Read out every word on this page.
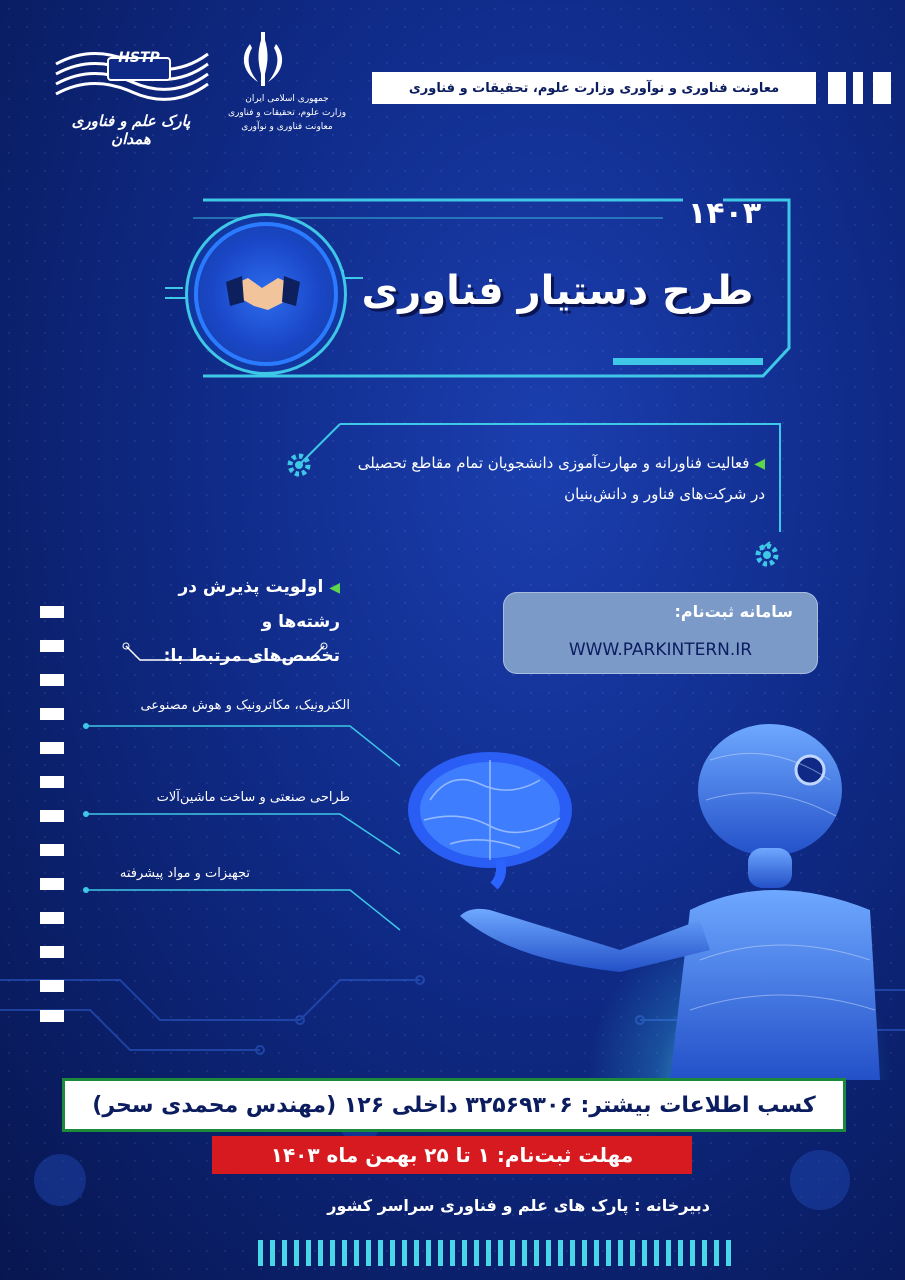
معاونت فناوری و نوآوری وزارت علوم، تحقیقات و فناوری
HSTP
پارک علم و فناوری همدان
جمهوری اسلامی ایران
وزارت علوم، تحقیقات و فناوری
معاونت فناوری و نوآوری
۱۴۰۳
طرح دستیار فناوری
◀ فعالیت فناورانه و مهارت‌آموزی دانشجویان تمام مقاطع تحصیلی
در شرکت‌های فناور و دانش‌بنیان
◀ اولویت پذیرش در رشته‌ها و
تخصص‌های مرتبط با:
الکترونیک، مکاترونیک و هوش مصنوعی
طراحی صنعتی و ساخت ماشین‌آلات
تجهیزات و مواد پیشرفته
سامانه ثبت‌نام:
WWW.PARKINTERN.IR
کسب اطلاعات بیشتر: ۳۲۵۶۹۳۰۶ داخلی ۱۲۶ (مهندس محمدی سحر)
مهلت ثبت‌نام: ۱ تا ۲۵ بهمن ماه ۱۴۰۳
دبیرخانه : پارک های علم و فناوری سراسر کشور
